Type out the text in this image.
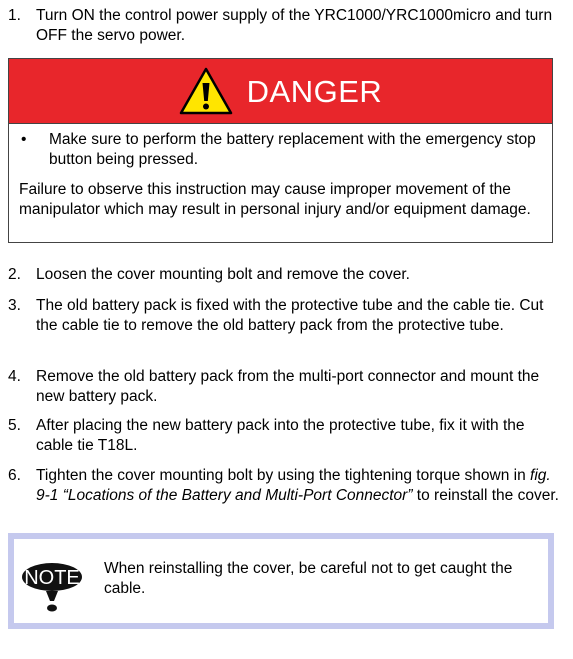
1. Turn ON the control power supply of the YRC1000/YRC1000micro and turn OFF the servo power.
DANGER
•	Make sure to perform the battery replacement with the emergency stop button being pressed.
Failure to observe this instruction may cause improper movement of the manipulator which may result in personal injury and/or equipment damage.
2. Loosen the cover mounting bolt and remove the cover.
3. The old battery pack is fixed with the protective tube and the cable tie. Cut the cable tie to remove the old battery pack from the protective tube.
4. Remove the old battery pack from the multi-port connector and mount the new battery pack.
5. After placing the new battery pack into the protective tube, fix it with the cable tie T18L.
6. Tighten the cover mounting bolt by using the tightening torque shown in fig. 9-1 “Locations of the Battery and Multi-Port Connector” to reinstall the cover.
NOTE When reinstalling the cover, be careful not to get caught the cable.
